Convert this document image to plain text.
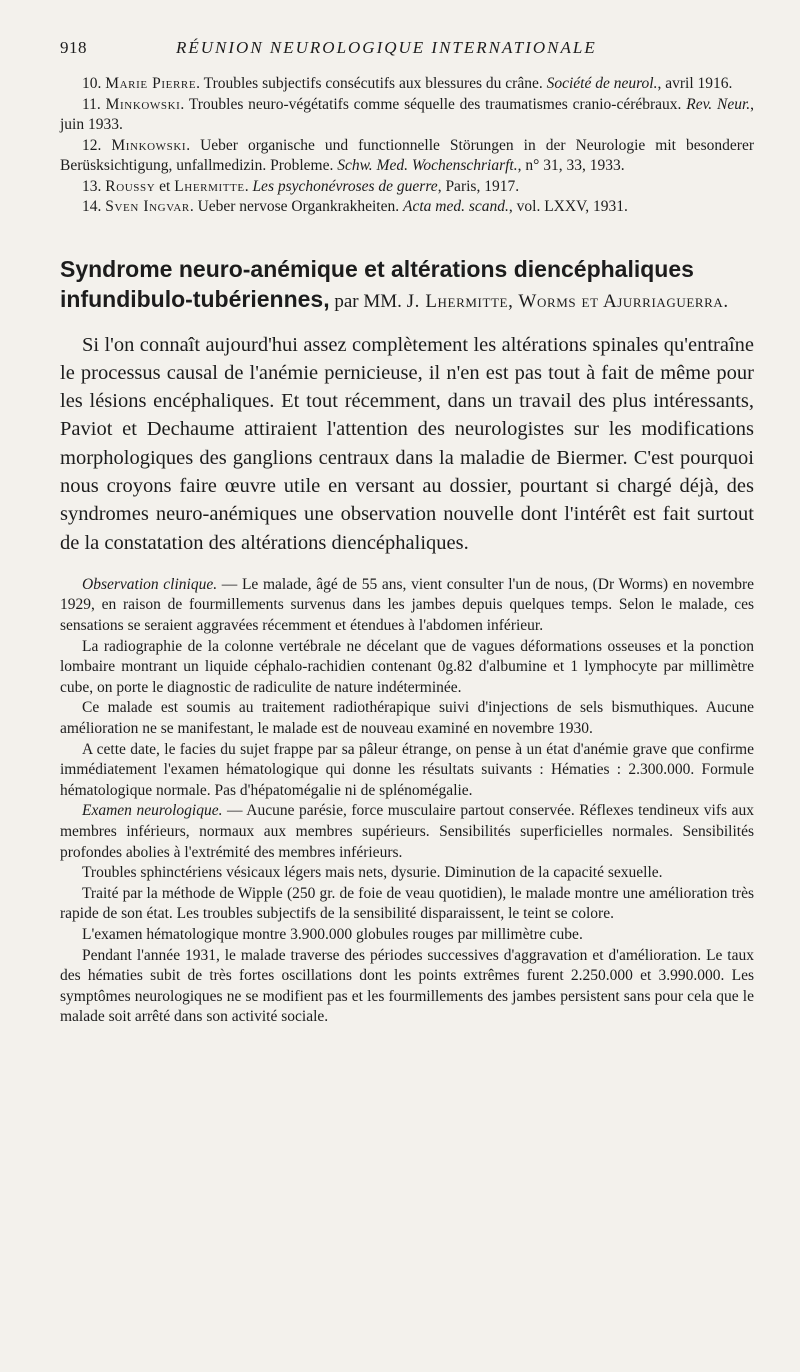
918	RÉUNION NEUROLOGIQUE INTERNATIONALE

10. Marie Pierre. Troubles subjectifs consécutifs aux blessures du crâne. Société de neurol., avril 1916.

11. Minkowski. Troubles neuro-végétatifs comme séquelle des traumatismes cranio-cérébraux. Rev. Neur., juin 1933.

12. Minkowski. Ueber organische und functionnelle Störungen in der Neurologie mit besonderer Berüsksichtigung, unfallmedizin. Probleme. Schw. Med. Wochenschriarft., n° 31, 33, 1933.

13. Roussy et Lhermitte. Les psychonévroses de guerre, Paris, 1917.

14. Sven Ingvar. Ueber nervose Organkrakheiten. Acta med. scand., vol. LXXV, 1931.

Syndrome neuro-anémique et altérations diencéphaliques infundibulo-tubériennes, par MM. J. Lhermitte, Worms et Ajurriaguerra.

Si l'on connaît aujourd'hui assez complètement les altérations spinales qu'entraîne le processus causal de l'anémie pernicieuse, il n'en est pas tout à fait de même pour les lésions encéphaliques. Et tout récemment, dans un travail des plus intéressants, Paviot et Dechaume attiraient l'attention des neurologistes sur les modifications morphologiques des ganglions centraux dans la maladie de Biermer. C'est pourquoi nous croyons faire œuvre utile en versant au dossier, pourtant si chargé déjà, des syndromes neuro-anémiques une observation nouvelle dont l'intérêt est fait surtout de la constatation des altérations diencéphaliques.

Observation clinique. — Le malade, âgé de 55 ans, vient consulter l'un de nous, (Dr Worms) en novembre 1929, en raison de fourmillements survenus dans les jambes depuis quelques temps. Selon le malade, ces sensations se seraient aggravées récemment et étendues à l'abdomen inférieur.

La radiographie de la colonne vertébrale ne décelant que de vagues déformations osseuses et la ponction lombaire montrant un liquide céphalo-rachidien contenant 0g.82 d'albumine et 1 lymphocyte par millimètre cube, on porte le diagnostic de radiculite de nature indéterminée.

Ce malade est soumis au traitement radiothérapique suivi d'injections de sels bismuthiques. Aucune amélioration ne se manifestant, le malade est de nouveau examiné en novembre 1930.

A cette date, le facies du sujet frappe par sa pâleur étrange, on pense à un état d'anémie grave que confirme immédiatement l'examen hématologique qui donne les résultats suivants : Hématies : 2.300.000. Formule hématologique normale. Pas d'hépatomégalie ni de splénomégalie.

Examen neurologique. — Aucune parésie, force musculaire partout conservée. Réflexes tendineux vifs aux membres inférieurs, normaux aux membres supérieurs. Sensibilités superficielles normales. Sensibilités profondes abolies à l'extrémité des membres inférieurs.

Troubles sphinctériens vésicaux légers mais nets, dysurie. Diminution de la capacité sexuelle.

Traité par la méthode de Wipple (250 gr. de foie de veau quotidien), le malade montre une amélioration très rapide de son état. Les troubles subjectifs de la sensibilité disparaissent, le teint se colore.

L'examen hématologique montre 3.900.000 globules rouges par millimètre cube.

Pendant l'année 1931, le malade traverse des périodes successives d'aggravation et d'amélioration. Le taux des hématies subit de très fortes oscillations dont les points extrêmes furent 2.250.000 et 3.990.000. Les symptômes neurologiques ne se modifient pas et les fourmillements des jambes persistent sans pour cela que le malade soit arrêté dans son activité sociale.
